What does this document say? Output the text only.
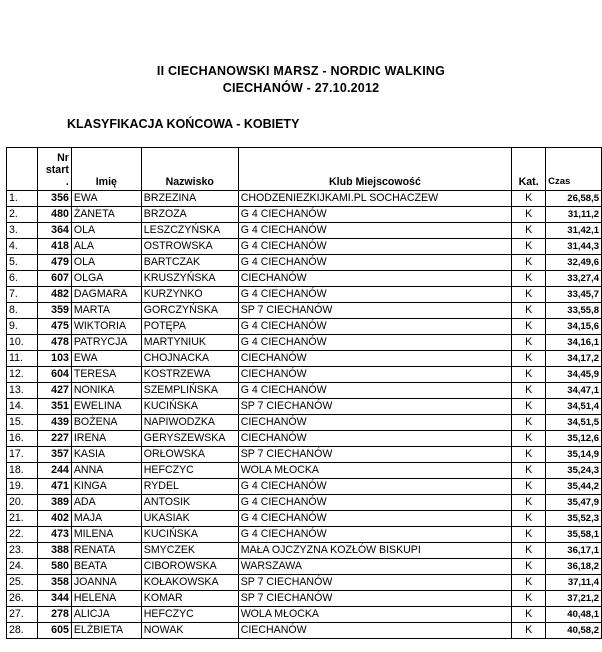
II CIECHANOWSKI MARSZ - NORDIC WALKING
CIECHANÓW - 27.10.2012
KLASYFIKACJA KOŃCOWA - KOBIETY
	Nr
start
.	Imię	Nazwisko	Klub Miejscowość	Kat.	Czas
1.	356	EWA	BRZEZINA	CHODZENIEZKIJKAMI.PL SOCHACZEW	K	26,58,5
2.	480	ŻANETA	BRZOZA	G 4 CIECHANÓW	K	31,11,2
3.	364	OLA	LESZCZYŃSKA	G 4 CIECHANÓW	K	31,42,1
4.	418	ALA	OSTROWSKA	G 4 CIECHANÓW	K	31,44,3
5.	479	OLA	BARTCZAK	G 4 CIECHANÓW	K	32,49,6
6.	607	OLGA	KRUSZYŃSKA	CIECHANÓW	K	33,27,4
7.	482	DAGMARA	KURZYNKO	G 4 CIECHANÓW	K	33,45,7
8.	359	MARTA	GORCZYŃSKA	SP 7 CIECHANÓW	K	33,55,8
9.	475	WIKTORIA	POTĘPA	G 4 CIECHANÓW	K	34,15,6
10.	478	PATRYCJA	MARTYNIUK	G 4 CIECHANÓW	K	34,16,1
11.	103	EWA	CHOJNACKA	CIECHANÓW	K	34,17,2
12.	604	TERESA	KOSTRZEWA	CIECHANÓW	K	34,45,9
13.	427	NONIKA	SZEMPLIŃSKA	G 4 CIECHANÓW	K	34,47,1
14.	351	EWELINA	KUCIŃSKA	SP 7 CIECHANÓW	K	34,51,4
15.	439	BOŻENA	NAPIWODZKA	CIECHANÓW	K	34,51,5
16.	227	IRENA	GERYSZEWSKA	CIECHANÓW	K	35,12,6
17.	357	KASIA	ORŁOWSKA	SP 7 CIECHANÓW	K	35,14,9
18.	244	ANNA	HEFCZYC	WOLA MŁOCKA	K	35,24,3
19.	471	KINGA	RYDEL	G 4 CIECHANÓW	K	35,44,2
20.	389	ADA	ANTOSIK	G 4 CIECHANÓW	K	35,47,9
21.	402	MAJA	UKASIAK	G 4 CIECHANÓW	K	35,52,3
22.	473	MILENA	KUCIŃSKA	G 4 CIECHANÓW	K	35,58,1
23.	388	RENATA	SMYCZEK	MAŁA OJCZYZNA KOZŁÓW BISKUPI	K	36,17,1
24.	580	BEATA	CIBOROWSKA	WARSZAWA	K	36,18,2
25.	358	JOANNA	KOŁAKOWSKA	SP 7 CIECHANÓW	K	37,11,4
26.	344	HELENA	KOMAR	SP 7 CIECHANÓW	K	37,21,2
27.	278	ALICJA	HEFCZYC	WOLA MŁOCKA	K	40,48,1
28.	605	ELŻBIETA	NOWAK	CIECHANÓW	K	40,58,2
